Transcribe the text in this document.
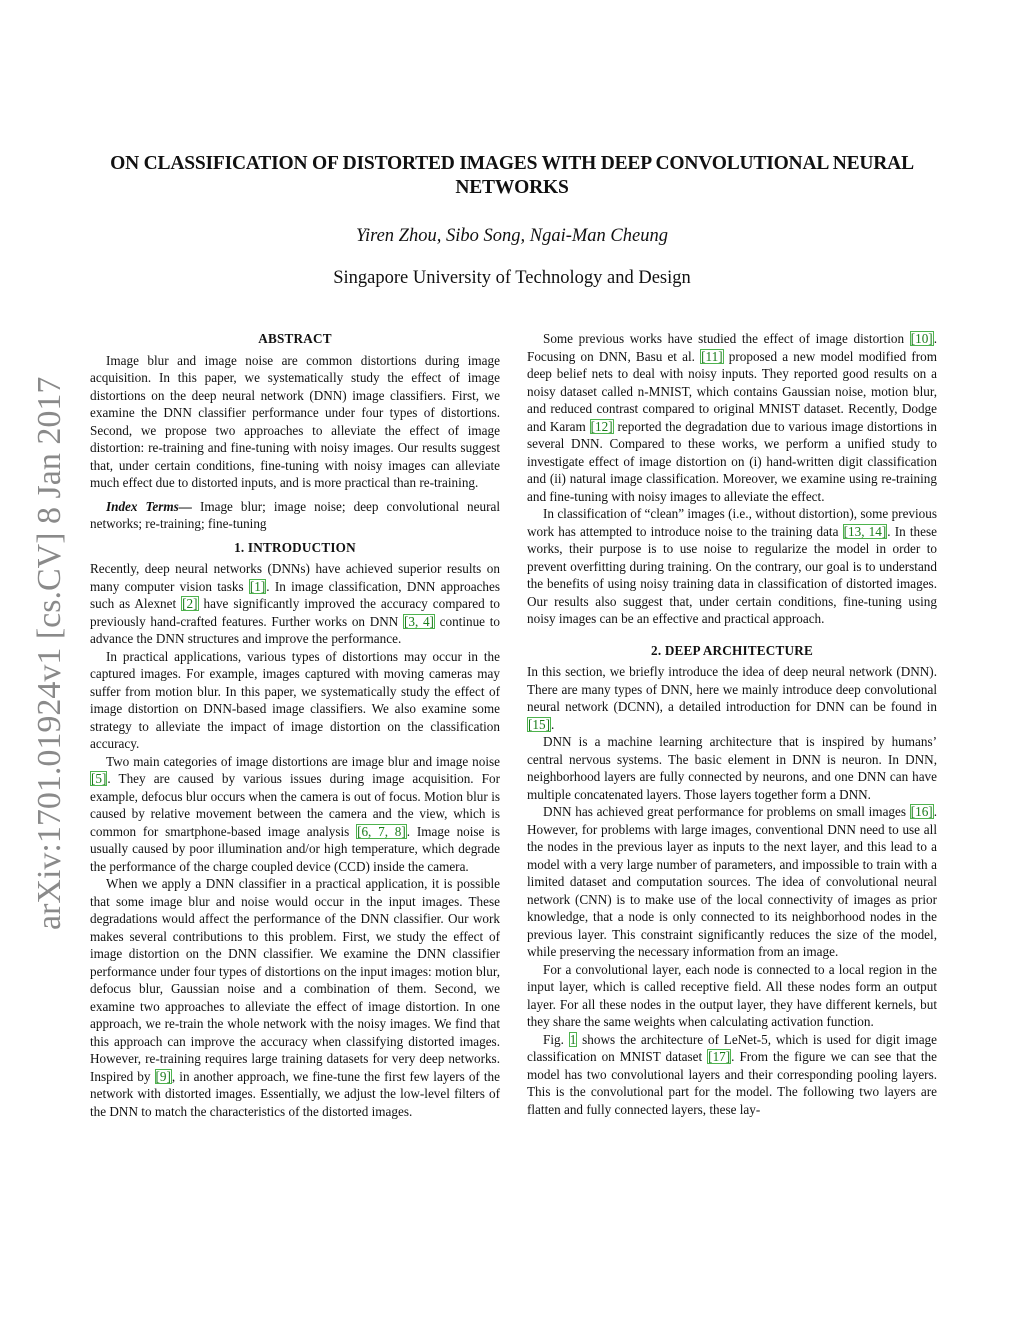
arXiv:1701.01924v1 [cs.CV] 8 Jan 2017
ON CLASSIFICATION OF DISTORTED IMAGES WITH DEEP CONVOLUTIONAL NEURAL NETWORKS
Yiren Zhou, Sibo Song, Ngai-Man Cheung
Singapore University of Technology and Design
ABSTRACT

Image blur and image noise are common distortions during image acquisition. In this paper, we systematically study the effect of image distortions on the deep neural network (DNN) image classifiers. First, we examine the DNN classifier performance under four types of distortions. Second, we propose two approaches to alleviate the effect of image distortion: re-training and fine-tuning with noisy images. Our results suggest that, under certain conditions, fine-tuning with noisy images can alleviate much effect due to distorted inputs, and is more practical than re-training.

Index Terms— Image blur; image noise; deep convolutional neural networks; re-training; fine-tuning

1. INTRODUCTION

Recently, deep neural networks (DNNs) have achieved superior results on many computer vision tasks [1]. In image classification, DNN approaches such as Alexnet [2] have significantly improved the accuracy compared to previously hand-crafted features. Further works on DNN [3, 4] continue to advance the DNN structures and improve the performance.

In practical applications, various types of distortions may occur in the captured images. For example, images captured with moving cameras may suffer from motion blur. In this paper, we systematically study the effect of image distortion on DNN-based image classifiers. We also examine some strategy to alleviate the impact of image distortion on the classification accuracy.

Two main categories of image distortions are image blur and image noise [5]. They are caused by various issues during image acquisition. For example, defocus blur occurs when the camera is out of focus. Motion blur is caused by relative movement between the camera and the view, which is common for smartphone-based image analysis [6, 7, 8]. Image noise is usually caused by poor illumination and/or high temperature, which degrade the performance of the charge coupled device (CCD) inside the camera.

When we apply a DNN classifier in a practical application, it is possible that some image blur and noise would occur in the input images. These degradations would affect the performance of the DNN classifier. Our work makes several contributions to this problem. First, we study the effect of image distortion on the DNN classifier. We examine the DNN classifier performance under four types of distortions on the input images: motion blur, defocus blur, Gaussian noise and a combination of them. Second, we examine two approaches to alleviate the effect of image distortion. In one approach, we re-train the whole network with the noisy images. We find that this approach can improve the accuracy when classifying distorted images. However, re-training requires large training datasets for very deep networks. Inspired by [9], in another approach, we fine-tune the first few layers of the network with distorted images. Essentially, we adjust the low-level filters of the DNN to match the characteristics of the distorted images.

Some previous works have studied the effect of image distortion [10]. Focusing on DNN, Basu et al. [11] proposed a new model modified from deep belief nets to deal with noisy inputs. They reported good results on a noisy dataset called n-MNIST, which contains Gaussian noise, motion blur, and reduced contrast compared to original MNIST dataset. Recently, Dodge and Karam [12] reported the degradation due to various image distortions in several DNN. Compared to these works, we perform a unified study to investigate effect of image distortion on (i) hand-written digit classification and (ii) natural image classification. Moreover, we examine using re-training and fine-tuning with noisy images to alleviate the effect.

In classification of “clean” images (i.e., without distortion), some previous work has attempted to introduce noise to the training data [13, 14]. In these works, their purpose is to use noise to regularize the model in order to prevent overfitting during training. On the contrary, our goal is to understand the benefits of using noisy training data in classification of distorted images. Our results also suggest that, under certain conditions, fine-tuning using noisy images can be an effective and practical approach.

2. DEEP ARCHITECTURE

In this section, we briefly introduce the idea of deep neural network (DNN). There are many types of DNN, here we mainly introduce deep convolutional neural network (DCNN), a detailed introduction for DNN can be found in [15].

DNN is a machine learning architecture that is inspired by humans’ central nervous systems. The basic element in DNN is neuron. In DNN, neighborhood layers are fully connected by neurons, and one DNN can have multiple concatenated layers. Those layers together form a DNN.

DNN has achieved great performance for problems on small images [16]. However, for problems with large images, conventional DNN need to use all the nodes in the previous layer as inputs to the next layer, and this lead to a model with a very large number of parameters, and impossible to train with a limited dataset and computation sources. The idea of convolutional neural network (CNN) is to make use of the local connectivity of images as prior knowledge, that a node is only connected to its neighborhood nodes in the previous layer. This constraint significantly reduces the size of the model, while preserving the necessary information from an image.

For a convolutional layer, each node is connected to a local region in the input layer, which is called receptive field. All these nodes form an output layer. For all these nodes in the output layer, they have different kernels, but they share the same weights when calculating activation function.

Fig. 1 shows the architecture of LeNet-5, which is used for digit image classification on MNIST dataset [17]. From the figure we can see that the model has two convolutional layers and their corresponding pooling layers. This is the convolutional part for the model. The following two layers are flatten and fully connected layers, these lay-
